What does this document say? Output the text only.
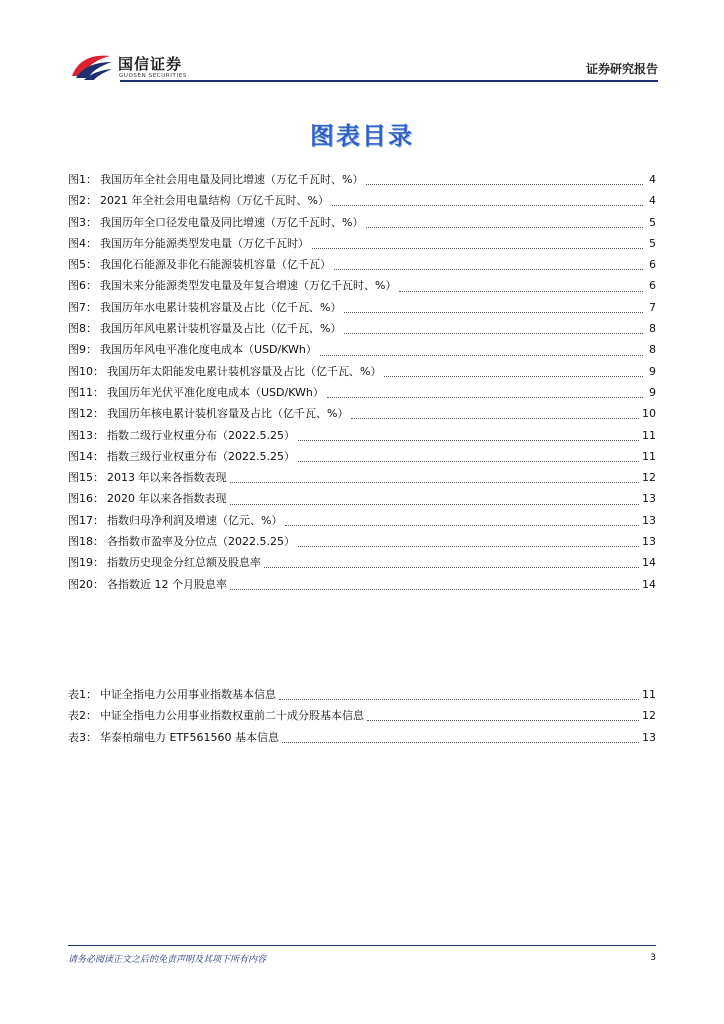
国信证券
GUOSEN SECURITIES	证券研究报告
图表目录
图1： 我国历年全社会用电量及同比增速（万亿千瓦时、%）	4
图2： 2021 年全社会用电量结构（万亿千瓦时、%）	4
图3： 我国历年全口径发电量及同比增速（万亿千瓦时、%）	5
图4： 我国历年分能源类型发电量（万亿千瓦时）	5
图5： 我国化石能源及非化石能源装机容量（亿千瓦）	6
图6： 我国未来分能源类型发电量及年复合增速（万亿千瓦时、%）	6
图7： 我国历年水电累计装机容量及占比（亿千瓦、%）	7
图8： 我国历年风电累计装机容量及占比（亿千瓦、%）	8
图9： 我国历年风电平准化度电成本（USD/KWh）	8
图10： 我国历年太阳能发电累计装机容量及占比（亿千瓦、%）	9
图11： 我国历年光伏平准化度电成本（USD/KWh）	9
图12： 我国历年核电累计装机容量及占比（亿千瓦、%）	10
图13： 指数二级行业权重分布（2022.5.25）	11
图14： 指数三级行业权重分布（2022.5.25）	11
图15： 2013 年以来各指数表现	12
图16： 2020 年以来各指数表现	13
图17： 指数归母净利润及增速（亿元、%）	13
图18： 各指数市盈率及分位点（2022.5.25）	13
图19： 指数历史现金分红总额及股息率	14
图20： 各指数近 12 个月股息率	14
表1： 中证全指电力公用事业指数基本信息	11
表2： 中证全指电力公用事业指数权重前二十成分股基本信息	12
表3： 华泰柏瑞电力 ETF561560 基本信息	13
请务必阅读正文之后的免责声明及其项下所有内容	3
